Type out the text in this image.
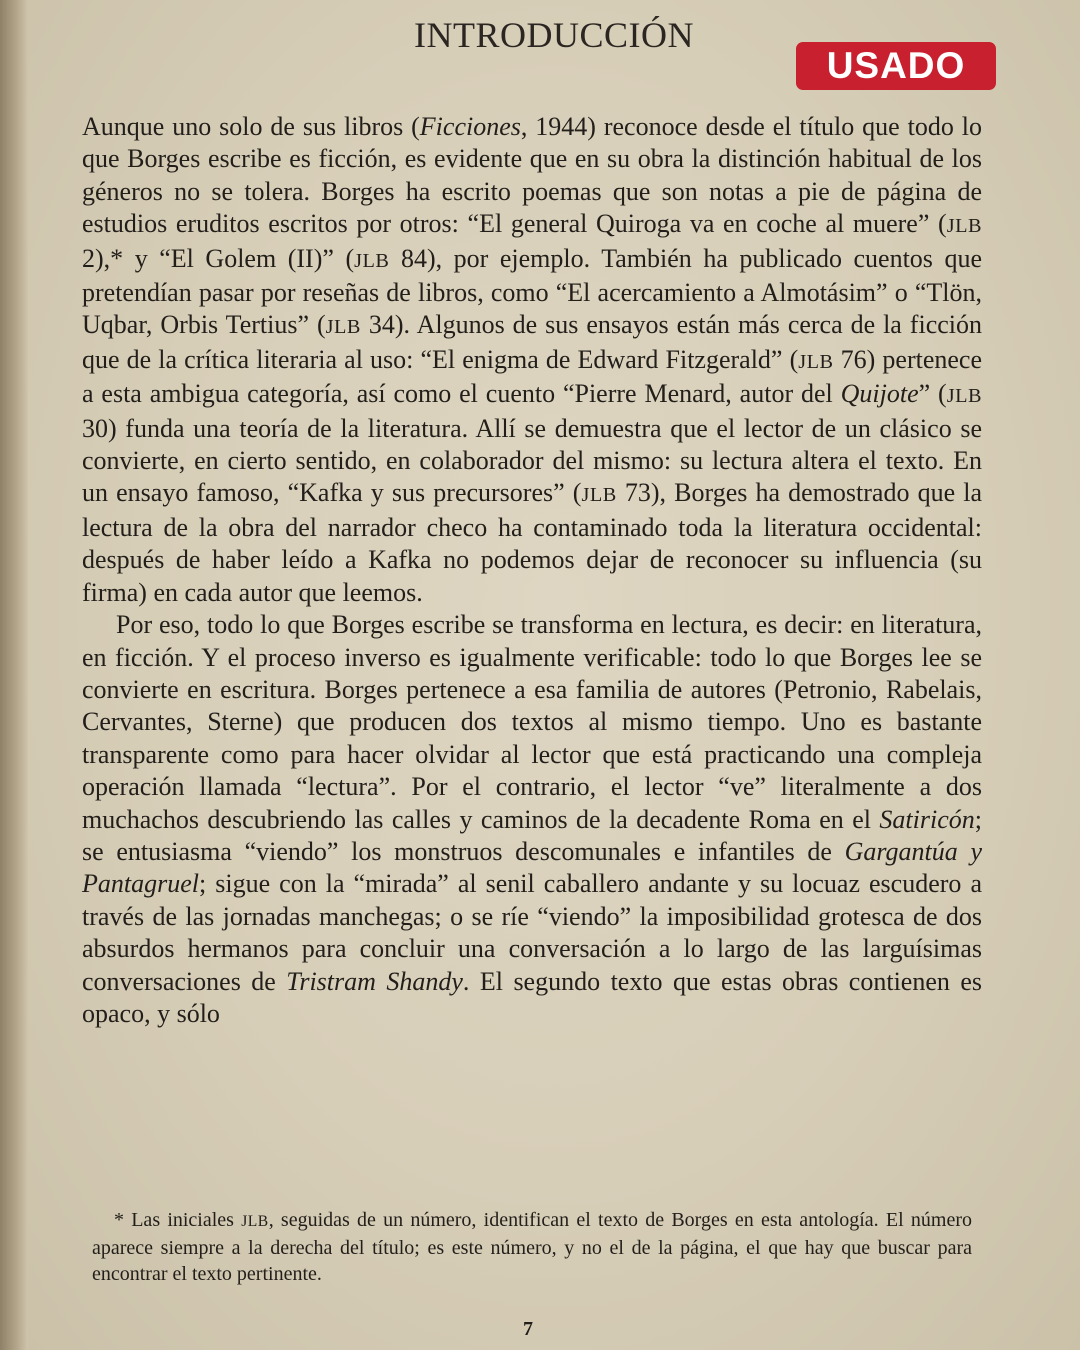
INTRODUCCIÓN

Aunque uno solo de sus libros (Ficciones, 1944) reconoce desde el título que todo lo que Borges escribe es ficción, es evidente que en su obra la distinción habitual de los géneros no se tolera. Borges ha escrito poemas que son notas a pie de página de estudios eruditos escritos por otros: “El general Quiroga va en coche al muere” (JLB 2),* y “El Golem (II)” (JLB 84), por ejemplo. También ha publicado cuentos que pretendían pasar por reseñas de libros, como “El acercamiento a Almotásim” o “Tlön, Uqbar, Orbis Tertius” (JLB 34). Algunos de sus ensayos están más cerca de la ficción que de la crítica literaria al uso: “El enigma de Edward Fitzgerald” (JLB 76) pertenece a esta ambigua categoría, así como el cuento “Pierre Menard, autor del Quijote” (JLB 30) funda una teoría de la literatura. Allí se demuestra que el lector de un clásico se convierte, en cierto sentido, en colaborador del mismo: su lectura altera el texto. En un ensayo famoso, “Kafka y sus precursores” (JLB 73), Borges ha demostrado que la lectura de la obra del narrador checo ha contaminado toda la literatura occidental: después de haber leído a Kafka no podemos dejar de reconocer su influencia (su firma) en cada autor que leemos.

Por eso, todo lo que Borges escribe se transforma en lectura, es decir: en literatura, en ficción. Y el proceso inverso es igualmente verificable: todo lo que Borges lee se convierte en escritura. Borges pertenece a esa familia de autores (Petronio, Rabelais, Cervantes, Sterne) que producen dos textos al mismo tiempo. Uno es bastante transparente como para hacer olvidar al lector que está practicando una compleja operación llamada “lectura”. Por el contrario, el lector “ve” literalmente a dos muchachos descubriendo las calles y caminos de la decadente Roma en el Satiricón; se entusiasma “viendo” los monstruos descomunales e infantiles de Gargantúa y Pantagruel; sigue con la “mirada” al senil caballero andante y su locuaz escudero a través de las jornadas manchegas; o se ríe “viendo” la imposibilidad grotesca de dos absurdos hermanos para concluir una conversación a lo largo de las larguísimas conversaciones de Tristram Shandy. El segundo texto que estas obras contienen es opaco, y sólo

* Las iniciales JLB, seguidas de un número, identifican el texto de Borges en esta antología. El número aparece siempre a la derecha del título; es este número, y no el de la página, el que hay que buscar para encontrar el texto pertinente.
7
USADO
